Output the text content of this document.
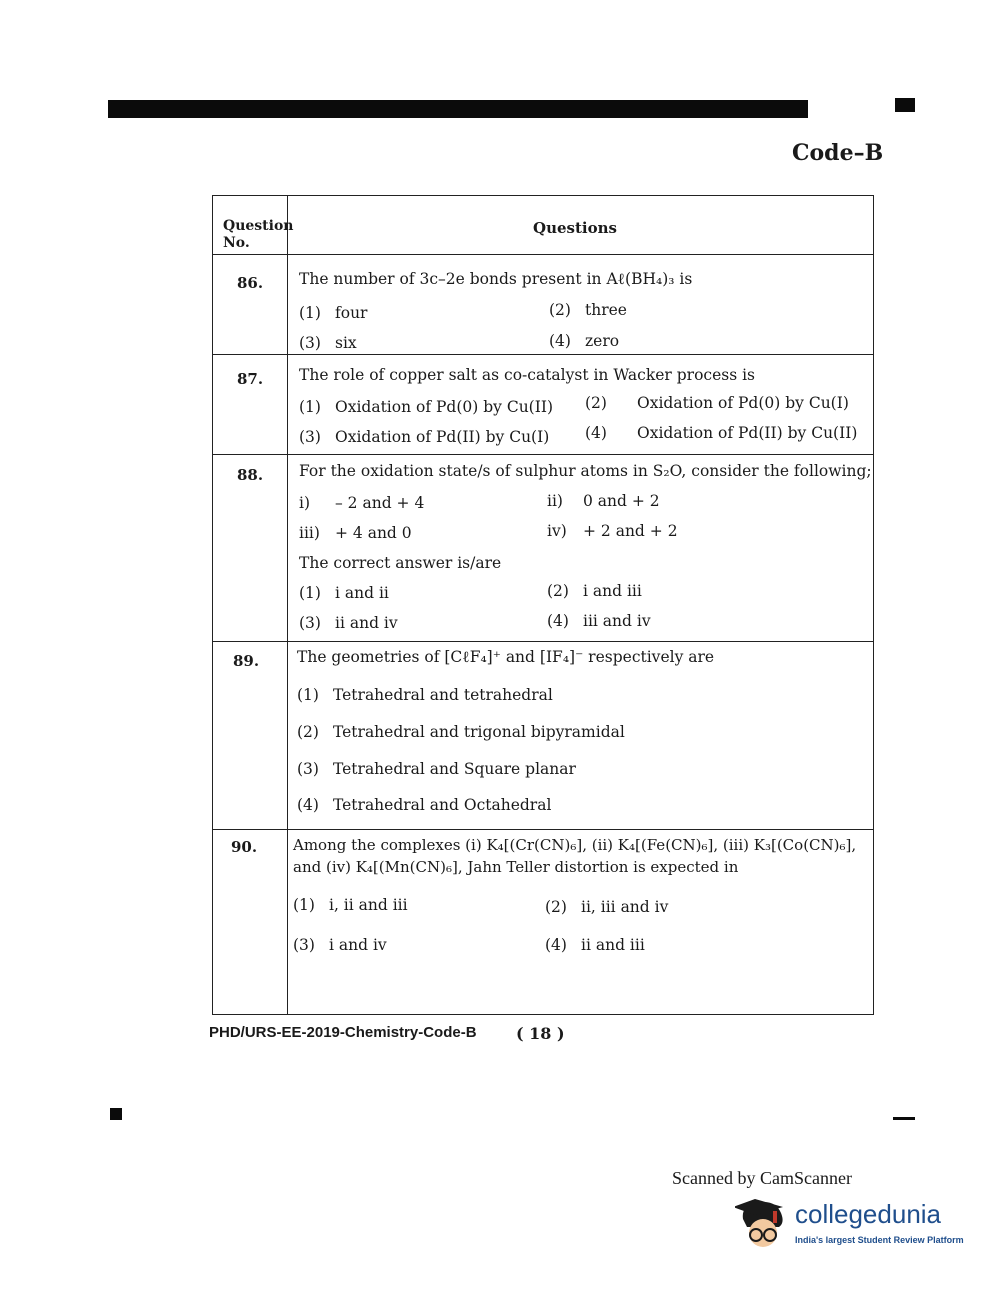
Code–B
Question No.
Questions
86. The number of 3c–2e bonds present in Aℓ(BH₄)₃ is
(1) four	(2) three
(3) six	(4) zero
87. The role of copper salt as co-catalyst in Wacker process is
(1) Oxidation of Pd(0) by Cu(II) (2) Oxidation of Pd(0) by Cu(I)
(3) Oxidation of Pd(II) by Cu(I) (4) Oxidation of Pd(II) by Cu(II)
88. For the oxidation state/s of sulphur atoms in S₂O, consider the following;
i) – 2 and + 4	ii) 0 and + 2
iii) + 4 and 0	iv) + 2 and + 2
The correct answer is/are
(1) i and ii	(2) i and iii
(3) ii and iv	(4) iii and iv
89. The geometries of [CℓF₄]⁺ and [IF₄]⁻ respectively are
(1) Tetrahedral and tetrahedral
(2) Tetrahedral and trigonal bipyramidal
(3) Tetrahedral and Square planar
(4) Tetrahedral and Octahedral
90. Among the complexes (i) K₄[(Cr(CN)₆], (ii) K₄[(Fe(CN)₆], (iii) K₃[(Co(CN)₆],
and (iv) K₄[(Mn(CN)₆], Jahn Teller distortion is expected in
(1) i, ii and iii	(2) ii, iii and iv
(3) i and iv	(4) ii and iii
PHD/URS-EE-2019-Chemistry-Code-B ( 18 )
Scanned by CamScanner
collegedunia
India's largest Student Review Platform
